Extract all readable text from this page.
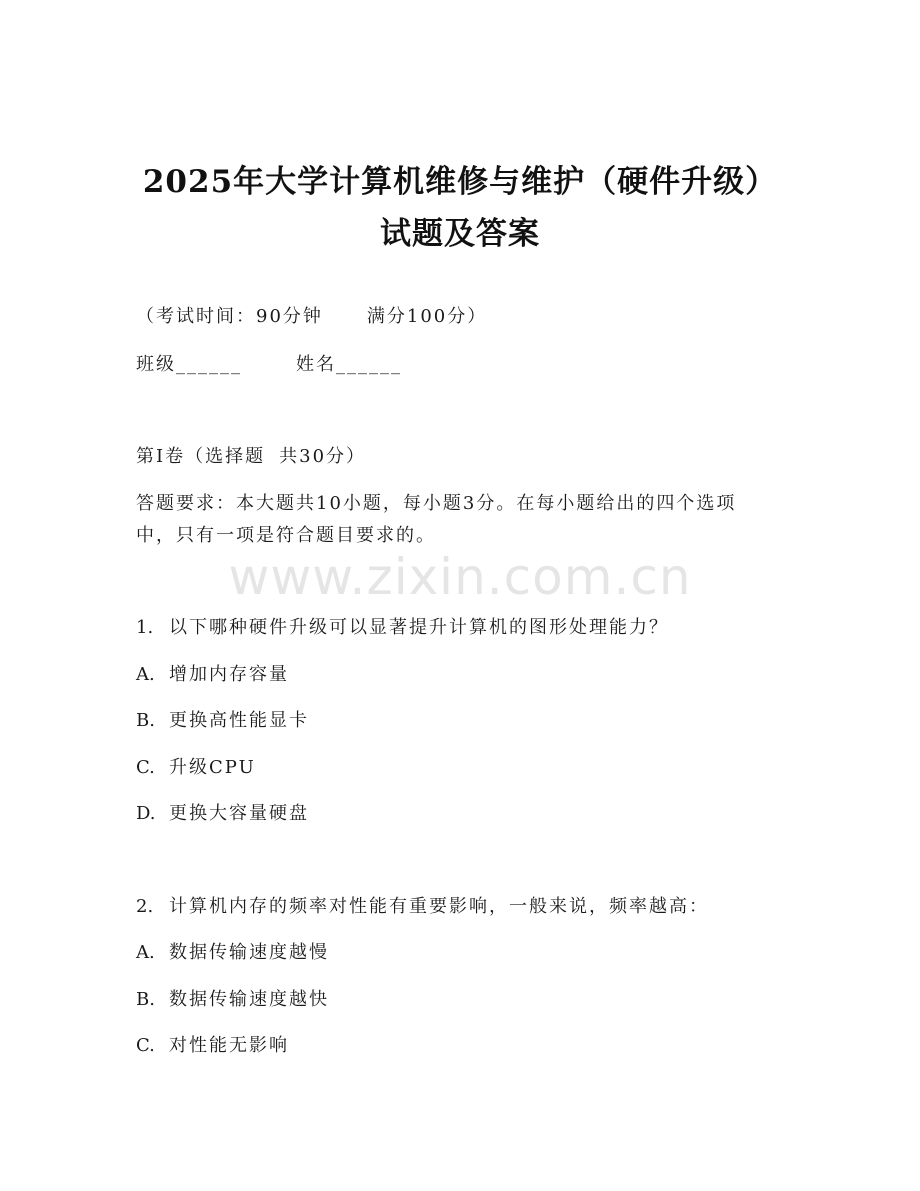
2025年大学计算机维修与维护（硬件升级）
试题及答案
（考试时间：90分钟 满分100分）
班级______	姓名______
第I卷（选择题 共30分）
答题要求：本大题共10小题，每小题3分。在每小题给出的四个选项
中，只有一项是符合题目要求的。
www.zixin.com.cn
1. 以下哪种硬件升级可以显著提升计算机的图形处理能力？
A. 增加内存容量
B. 更换高性能显卡
C. 升级CPU
D. 更换大容量硬盘
2. 计算机内存的频率对性能有重要影响，一般来说，频率越高：
A. 数据传输速度越慢
B. 数据传输速度越快
C. 对性能无影响
